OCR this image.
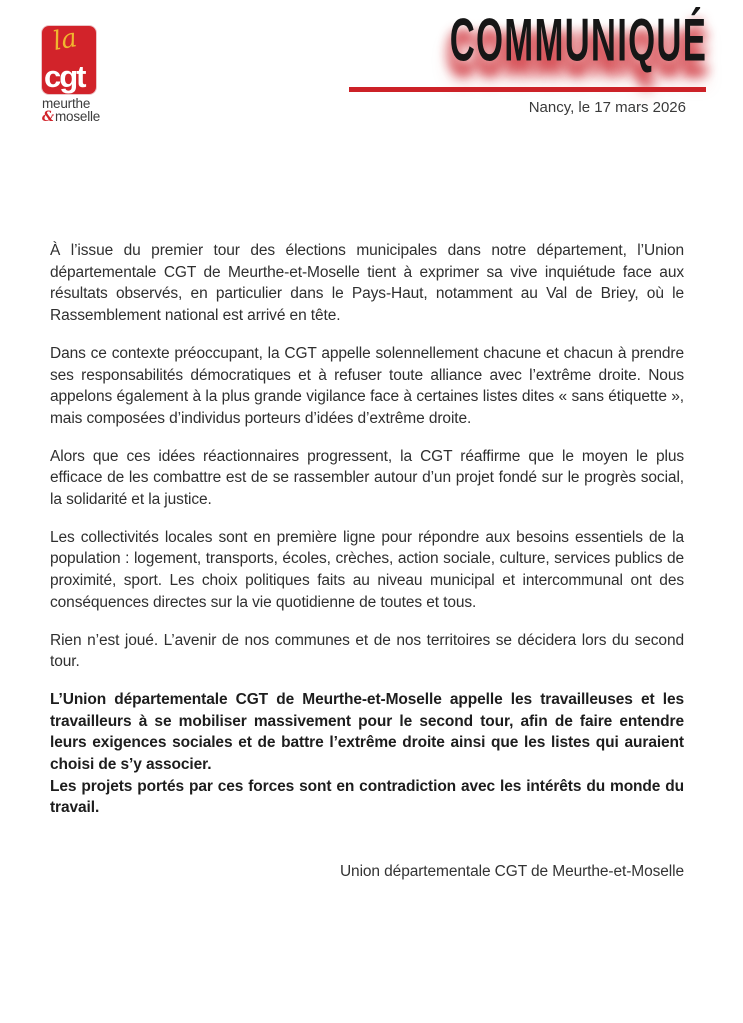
la
cgt
meurthe
&moselle
COMMUNIQUÉ
Nancy, le 17 mars 2026

À l’issue du premier tour des élections municipales dans notre département, l’Union départementale CGT de Meurthe-et-Moselle tient à exprimer sa vive inquiétude face aux résultats observés, en particulier dans le Pays-Haut, notamment au Val de Briey, où le Rassemblement national est arrivé en tête.

Dans ce contexte préoccupant, la CGT appelle solennellement chacune et chacun à prendre ses responsabilités démocratiques et à refuser toute alliance avec l’extrême droite. Nous appelons également à la plus grande vigilance face à certaines listes dites « sans étiquette », mais composées d’individus porteurs d’idées d’extrême droite.

Alors que ces idées réactionnaires progressent, la CGT réaffirme que le moyen le plus efficace de les combattre est de se rassembler autour d’un projet fondé sur le progrès social, la solidarité et la justice.

Les collectivités locales sont en première ligne pour répondre aux besoins essentiels de la population : logement, transports, écoles, crèches, action sociale, culture, services publics de proximité, sport. Les choix politiques faits au niveau municipal et intercommunal ont des conséquences directes sur la vie quotidienne de toutes et tous.

Rien n’est joué. L’avenir de nos communes et de nos territoires se décidera lors du second tour.

L’Union départementale CGT de Meurthe-et-Moselle appelle les travailleuses et les travailleurs à se mobiliser massivement pour le second tour, afin de faire entendre leurs exigences sociales et de battre l’extrême droite ainsi que les listes qui auraient choisi de s’y associer.

Les projets portés par ces forces sont en contradiction avec les intérêts du monde du travail.

Union départementale CGT de Meurthe-et-Moselle
